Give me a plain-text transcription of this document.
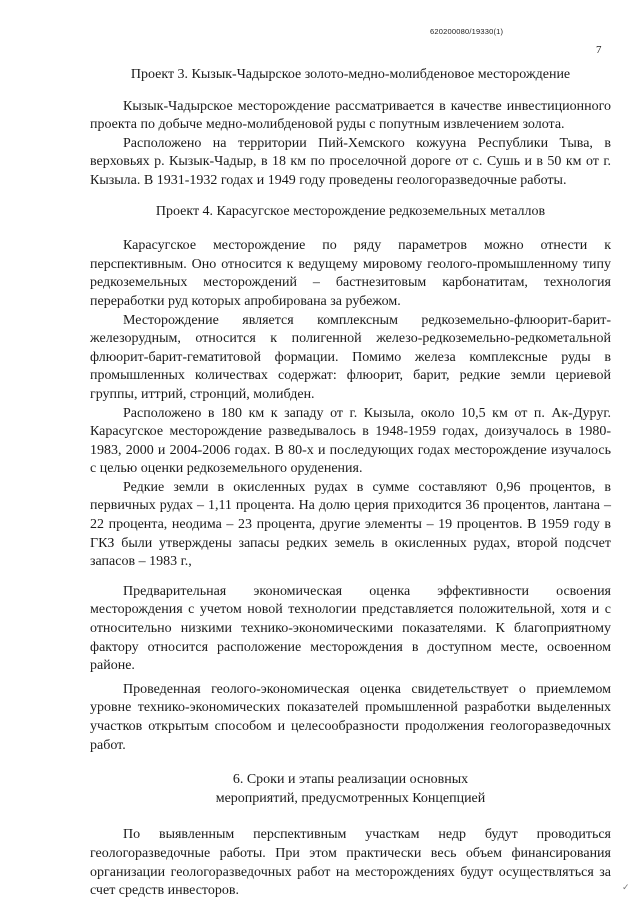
620200080/19330(1)
7

Проект 3. Кызык-Чадырское золото-медно-молибденовое месторождение

Кызык-Чадырское месторождение рассматривается в качестве инвестиционного проекта по добыче медно-молибденовой руды с попутным извлечением золота.

Расположено на территории Пий-Хемского кожууна Республики Тыва, в верховьях р. Кызык-Чадыр, в 18 км по проселочной дороге от с. Сушь и в 50 км от г. Кызыла. В 1931-1932 годах и 1949 году проведены геологоразведочные работы.

Проект 4. Карасугское месторождение редкоземельных металлов

Карасугское месторождение по ряду параметров можно отнести к перспективным. Оно относится к ведущему мировому геолого-промышленному типу редкоземельных месторождений – бастнезитовым карбонатитам, технология переработки руд которых апробирована за рубежом.

Месторождение является комплексным редкоземельно-флюорит-барит-железорудным, относится к полигенной железо-редкоземельно-редкометальной флюорит-барит-гематитовой формации. Помимо железа комплексные руды в промышленных количествах содержат: флюорит, барит, редкие земли цериевой группы, иттрий, стронций, молибден.

Расположено в 180 км к западу от г. Кызыла, около 10,5 км от п. Ак-Дуруг. Карасугское месторождение разведывалось в 1948-1959 годах, доизучалось в 1980-1983, 2000 и 2004-2006 годах. В 80-х и последующих годах месторождение изучалось с целью оценки редкоземельного оруденения.

Редкие земли в окисленных рудах в сумме составляют 0,96 процентов, в первичных рудах – 1,11 процента. На долю церия приходится 36 процентов, лантана – 22 процента, неодима – 23 процента, другие элементы – 19 процентов. В 1959 году в ГКЗ были утверждены запасы редких земель в окисленных рудах, второй подсчет запасов – 1983 г.,

Предварительная экономическая оценка эффективности освоения месторождения с учетом новой технологии представляется положительной, хотя и с относительно низкими технико-экономическими показателями. К благоприятному фактору относится расположение месторождения в доступном месте, освоенном районе.

Проведенная геолого-экономическая оценка свидетельствует о приемлемом уровне технико-экономических показателей промышленной разработки выделенных участков открытым способом и целесообразности продолжения геологоразведочных работ.

6. Сроки и этапы реализации основных

мероприятий, предусмотренных Концепцией

По выявленным перспективным участкам недр будут проводиться геологоразведочные работы. При этом практически весь объем финансирования организации геологоразведочных работ на месторождениях будут осуществляться за счет средств инвесторов.	✓
